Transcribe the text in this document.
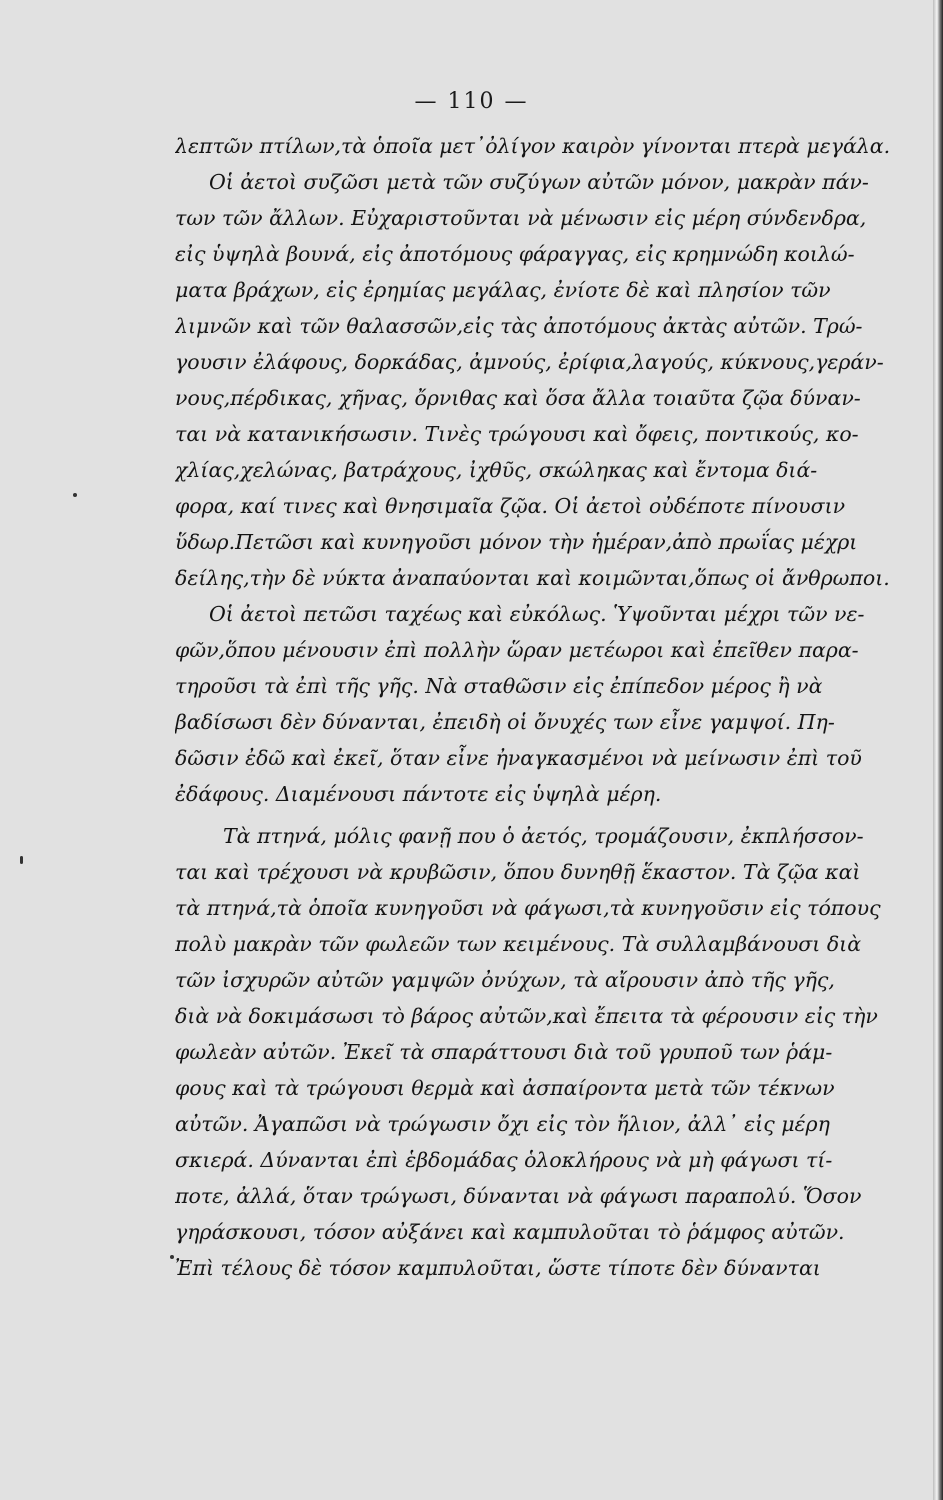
— 110 —
λεπτῶν πτίλων,τὰ ὁποῖα μετ᾽ὀλίγον καιρὸν γίνονται πτερὰ μεγάλα.
Οἱ ἀετοὶ συζῶσι μετὰ τῶν συζύγων αὐτῶν μόνον, μακρὰν πάν-
των τῶν ἄλλων. Εὐχαριστοῦνται νὰ μένωσιν εἰς μέρη σύνδενδρα,
εἰς ὑψηλὰ βουνά, εἰς ἀποτόμους φάραγγας, εἰς κρημνώδη κοιλώ-
ματα βράχων, εἰς ἐρημίας μεγάλας, ἐνίοτε δὲ καὶ πλησίον τῶν
λιμνῶν καὶ τῶν θαλασσῶν,εἰς τὰς ἀποτόμους ἀκτὰς αὐτῶν. Τρώ-
γουσιν ἐλάφους, δορκάδας, ἀμνούς, ἐρίφια,λαγούς, κύκνους,γεράν-
νους,πέρδικας, χῆνας, ὄρνιθας καὶ ὅσα ἄλλα τοιαῦτα ζῷα δύναν-
ται νὰ κατανικήσωσιν. Τινὲς τρώγουσι καὶ ὄφεις, ποντικούς, κο-
χλίας,χελώνας, βατράχους, ἰχθῦς, σκώληκας καὶ ἔντομα διά-
φορα, καί τινες καὶ θνησιμαῖα ζῷα. Οἱ ἀετοὶ οὐδέποτε πίνουσιν
ὕδωρ.Πετῶσι καὶ κυνηγοῦσι μόνον τὴν ἡμέραν,ἀπὸ πρωΐας μέχρι
δείλης,τὴν δὲ νύκτα ἀναπαύονται καὶ κοιμῶνται,ὅπως οἱ ἄνθρωποι.
Οἱ ἀετοὶ πετῶσι ταχέως καὶ εὐκόλως. Ὑψοῦνται μέχρι τῶν νε-
φῶν,ὅπου μένουσιν ἐπὶ πολλὴν ὥραν μετέωροι καὶ ἐπεῖθεν παρα-
τηροῦσι τὰ ἐπὶ τῆς γῆς. Νὰ σταθῶσιν εἰς ἐπίπεδον μέρος ἢ νὰ
βαδίσωσι δὲν δύνανται, ἐπειδὴ οἱ ὄνυχές των εἶνε γαμψοί. Πη-
δῶσιν ἐδῶ καὶ ἐκεῖ, ὅταν εἶνε ἠναγκασμένοι νὰ μείνωσιν ἐπὶ τοῦ
ἐδάφους. Διαμένουσι πάντοτε εἰς ὑψηλὰ μέρη.
Τὰ πτηνά, μόλις φανῇ που ὁ ἀετός, τρομάζουσιν, ἐκπλήσσον-
ται καὶ τρέχουσι νὰ κρυβῶσιν, ὅπου δυνηθῇ ἕκαστον. Τὰ ζῷα καὶ
τὰ πτηνά,τὰ ὁποῖα κυνηγοῦσι νὰ φάγωσι,τὰ κυνηγοῦσιν εἰς τόπους
πολὺ μακρὰν τῶν φωλεῶν των κειμένους. Τὰ συλλαμβάνουσι διὰ
τῶν ἰσχυρῶν αὐτῶν γαμψῶν ὀνύχων, τὰ αἴρουσιν ἀπὸ τῆς γῆς,
διὰ νὰ δοκιμάσωσι τὸ βάρος αὐτῶν,καὶ ἔπειτα τὰ φέρουσιν εἰς τὴν
φωλεὰν αὐτῶν. Ἐκεῖ τὰ σπαράττουσι διὰ τοῦ γρυποῦ των ῥάμ-
φους καὶ τὰ τρώγουσι θερμὰ καὶ ἀσπαίροντα μετὰ τῶν τέκνων
αὐτῶν. Ἀγαπῶσι νὰ τρώγωσιν ὄχι εἰς τὸν ἥλιον, ἀλλ᾽ εἰς μέρη
σκιερά. Δύνανται ἐπὶ ἑβδομάδας ὁλοκλήρους νὰ μὴ φάγωσι τί-
ποτε, ἀλλά, ὅταν τρώγωσι, δύνανται νὰ φάγωσι παραπολύ. Ὅσον
γηράσκουσι, τόσον αὐξάνει καὶ καμπυλοῦται τὸ ῥάμφος αὐτῶν.
Ἐπὶ τέλους δὲ τόσον καμπυλοῦται, ὥστε τίποτε δὲν δύνανται
